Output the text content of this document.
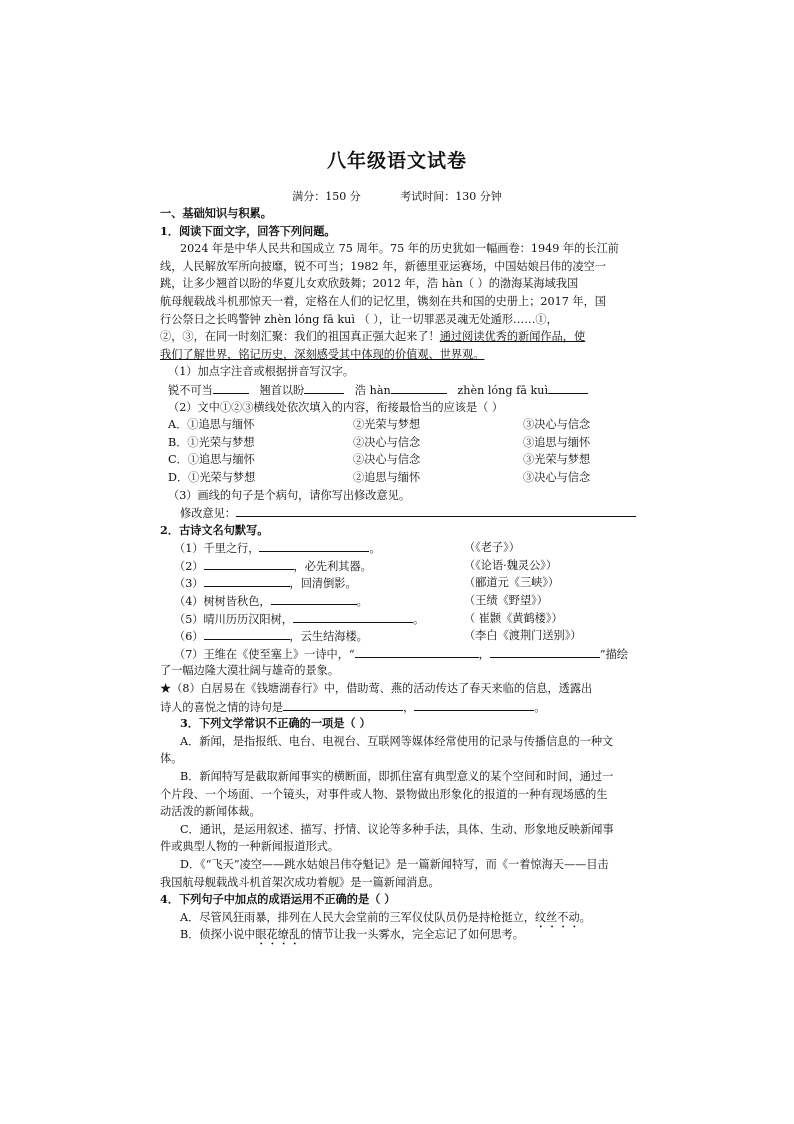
八年级语文试卷
满分：150 分	考试时间：130 分钟
一、基础知识与积累。
1．阅读下面文字，回答下列问题。
2024 年是中华人民共和国成立 75 周年。75 年的历史犹如一幅画卷：1949 年的长江前
线，人民解放军所向披靡，锐不可当；1982 年，新德里亚运赛场，中国姑娘吕伟的凌空一
跳，让多少翘首以盼的华夏儿女欢欣鼓舞；2012 年，浩 hàn（ ）的渤海某海域我国
航母舰载战斗机那惊天一着，定格在人们的记忆里，镌刻在共和国的史册上；2017 年，国
行公祭日之长鸣警钟 zhèn lóng fā kuì （ ），让一切罪恶灵魂无处遁形……①，
②，③，在同一时刻汇聚：我们的祖国真正强大起来了！通过阅读优秀的新闻作品，使
我们了解世界，铭记历史，深刻感受其中体现的价值观、世界观。
（1）加点字注音或根据拼音写汉字。
锐不可当	翘首以盼	浩 hàn	zhèn lóng fā kuì
（2）文中①②③横线处依次填入的内容，衔接最恰当的应该是（ ）
A．①追思与缅怀	②光荣与梦想	③决心与信念
B．①光荣与梦想	②决心与信念	③追思与缅怀
C．①追思与缅怀	②决心与信念	③光荣与梦想
D．①光荣与梦想	②追思与缅怀	③决心与信念
（3）画线的句子是个病句，请你写出修改意见。
修改意见：
2．古诗文名句默写。
（1）千里之行，	。	（《老子》）
（2）	，必先利其器。	（《论语·魏灵公》）
（3）	，回清倒影。	（郦道元《三峡》）
（4）树树皆秋色，	。	（王绩《野望》）
（5）晴川历历汉阳树，	。	（ 崔颢《黄鹤楼》）
（6）	，云生结海楼。	（李白《渡荆门送别》）
（7）王维在《使至塞上》一诗中，“	，	”描绘
了一幅边隆大漠壮阔与雄奇的景象。
★（8）白居易在《钱塘湖春行》中，借助莺、燕的活动传达了春天来临的信息，透露出
诗人的喜悦之情的诗句是	，	。
3．下列文学常识不正确的一项是（ ）
A．新闻，是指报纸、电台、电视台、互联网等媒体经常使用的记录与传播信息的一种文
体。
B．新闻特写是截取新闻事实的横断面，即抓住富有典型意义的某个空间和时间，通过一
个片段、一个场面、一个镜头，对事件或人物、景物做出形象化的报道的一种有现场感的生
动活泼的新闻体裁。
C．通讯，是运用叙述、描写、抒情、议论等多种手法，具体、生动、形象地反映新闻事
件或典型人物的一种新闻报道形式。
D．《“飞天”凌空——跳水姑娘吕伟夺魁记》是一篇新闻特写，而《一着惊海天——目击
我国航母舰载战斗机首架次成功着舰》是一篇新闻消息。
4．下列句子中加点的成语运用不正确的是（ ）
A．尽管风狂雨暴，排列在人民大会堂前的三军仪仗队员仍是持枪挺立，纹丝不动。
B．侦探小说中眼花缭乱的情节让我一头雾水，完全忘记了如何思考。
